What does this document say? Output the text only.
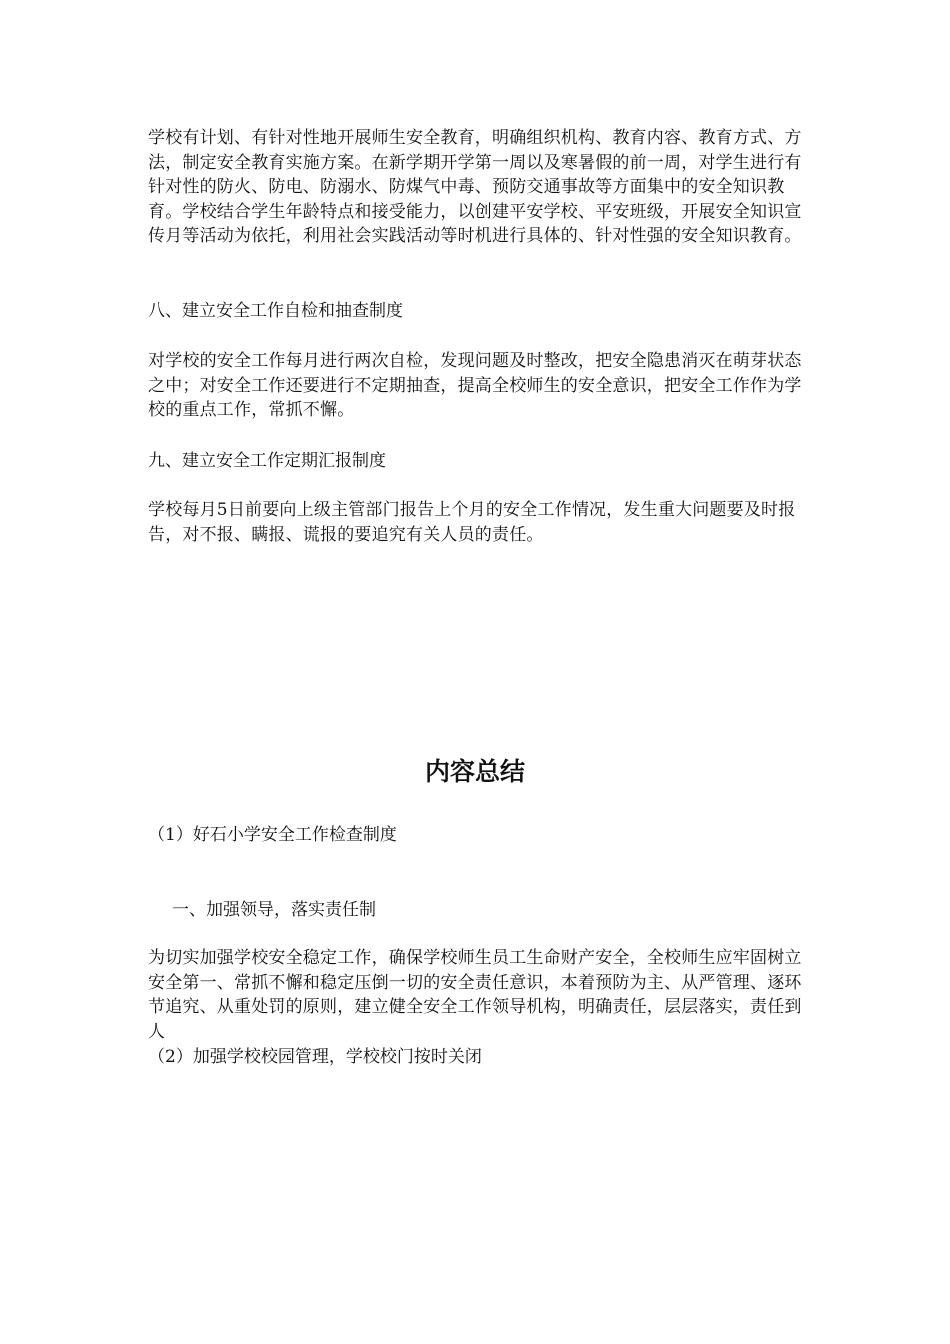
学校有计划、有针对性地开展师生安全教育，明确组织机构、教育内容、教育方式、方法，制定安全教育实施方案。在新学期开学第一周以及寒暑假的前一周，对学生进行有针对性的防火、防电、防溺水、防煤气中毒、预防交通事故等方面集中的安全知识教育。学校结合学生年龄特点和接受能力，以创建平安学校、平安班级，开展安全知识宣传月等活动为依托，利用社会实践活动等时机进行具体的、针对性强的安全知识教育。

八、建立安全工作自检和抽查制度

对学校的安全工作每月进行两次自检，发现问题及时整改，把安全隐患消灭在萌芽状态之中；对安全工作还要进行不定期抽查，提高全校师生的安全意识，把安全工作作为学校的重点工作，常抓不懈。

九、建立安全工作定期汇报制度

学校每月5日前要向上级主管部门报告上个月的安全工作情况，发生重大问题要及时报告，对不报、瞒报、谎报的要追究有关人员的责任。

内容总结

（1）好石小学安全工作检查制度

一、加强领导，落实责任制

为切实加强学校安全稳定工作，确保学校师生员工生命财产安全，全校师生应牢固树立安全第一、常抓不懈和稳定压倒一切的安全责任意识，本着预防为主、从严管理、逐环节追究、从重处罚的原则，建立健全安全工作领导机构，明确责任，层层落实，责任到人

（2）加强学校校园管理，学校校门按时关闭
